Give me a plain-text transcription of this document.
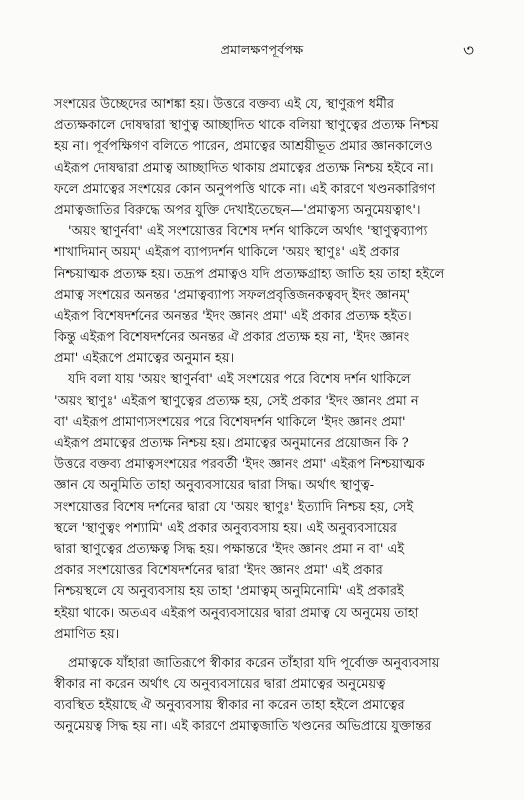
প্রমালক্ষণপূর্বপক্ষ	৩
সংশয়ের উচ্ছেদের আশঙ্কা হয়। উত্তরে বক্তব্য এই যে, স্থাণুরূপ ধর্মীর
প্রত্যক্ষকালে দোষদ্বারা স্থাণুত্ব আচ্ছাদিত থাকে বলিয়া স্থাণুত্বের প্রত্যক্ষ নিশ্চয়
হয় না। পূর্বপক্ষিগণ বলিতে পারেন, প্রমাত্বের আশ্রয়ীভূত প্রমার জ্ঞানকালেও
এইরূপ দোষদ্বারা প্রমাত্ব আচ্ছাদিত থাকায় প্রমাত্বের প্রত্যক্ষ নিশ্চয় হইবে না।
ফলে প্রমাত্বের সংশয়ের কোন অনুপপত্তি থাকে না। এই কারণে খণ্ডনকারিগণ
প্রমাত্বজাতির বিরুদ্ধে অপর যুক্তি দেখাইতেছেন—'প্রমাত্বস্য অনুমেয়ত্বাৎ'।
'অয়ং স্থাণুর্নবা' এই সংশয়োত্তর বিশেষ দর্শন থাকিলে অর্থাৎ 'স্থাণুত্বব্যাপ্য
শাখাদিমান্ অয়ম্' এইরূপ ব্যাপ্যদর্শন থাকিলে 'অয়ং স্থাণুঃ' এই প্রকার
নিশ্চয়াত্মক প্রত্যক্ষ হয়। তদ্রূপ প্রমাত্বও যদি প্রত্যক্ষগ্রাহ্য জাতি হয় তাহা হইলে
প্রমাত্ব সংশয়ের অনন্তর 'প্রমাত্বব্যাপ্য সফলপ্রবৃত্তিজনকত্ববদ্ ইদং জ্ঞানম্'
এইরূপ বিশেষদর্শনের অনন্তর 'ইদং জ্ঞানং প্রমা' এই প্রকার প্রত্যক্ষ হইত।
কিন্তু এইরূপ বিশেষদর্শনের অনন্তর ঐ প্রকার প্রত্যক্ষ হয় না, 'ইদং জ্ঞানং
প্রমা' এইরূপে প্রমাত্বের অনুমান হয়।
যদি বলা যায় 'অয়ং স্থাণুর্নবা' এই সংশয়ের পরে বিশেষ দর্শন থাকিলে
'অয়ং স্থাণুঃ' এইরূপ স্থাণুত্বের প্রত্যক্ষ হয়, সেই প্রকার 'ইদং জ্ঞানং প্রমা ন
বা' এইরূপ প্রামাণ্যসংশয়ের পরে বিশেষদর্শন থাকিলে 'ইদং জ্ঞানং প্রমা'
এইরূপ প্রমাত্বের প্রত্যক্ষ নিশ্চয় হয়। প্রমাত্বের অনুমানের প্রয়োজন কি ?
উত্তরে বক্তব্য প্রমাত্বসংশয়ের পরবর্তী 'ইদং জ্ঞানং প্রমা' এইরূপ নিশ্চয়াত্মক
জ্ঞান যে অনুমিতি তাহা অনুব্যবসায়ের দ্বারা সিদ্ধ। অর্থাৎ স্থাণুত্ব-
সংশয়োত্তর বিশেষ দর্শনের দ্বারা যে 'অয়ং স্থাণুঃ' ইত্যাদি নিশ্চয় হয়, সেই
স্থলে 'স্থাণুত্বং পশ্যামি' এই প্রকার অনুব্যবসায় হয়। এই অনুব্যবসায়ের
দ্বারা স্থাণুত্বের প্রত্যক্ষত্ব সিদ্ধ হয়। পক্ষান্তরে 'ইদং জ্ঞানং প্রমা ন বা' এই
প্রকার সংশয়োত্তর বিশেষদর্শনের দ্বারা 'ইদং জ্ঞানং প্রমা' এই প্রকার
নিশ্চয়স্থলে যে অনুব্যবসায় হয় তাহা 'প্রমাত্বম্ অনুমিনোমি' এই প্রকারই
হইয়া থাকে। অতএব এইরূপ অনুব্যবসায়ের দ্বারা প্রমাত্ব যে অনুমেয় তাহা
প্রমাণিত হয়।
প্রমাত্বকে যাঁহারা জাতিরূপে স্বীকার করেন তাঁহারা যদি পূর্বোক্ত অনুব্যবসায়
স্বীকার না করেন অর্থাৎ যে অনুব্যবসায়ের দ্বারা প্রমাত্বের অনুমেয়ত্ব
ব্যবস্থিত হইয়াছে ঐ অনুব্যবসায় স্বীকার না করেন তাহা হইলে প্রমাত্বের
অনুমেয়ত্ব সিদ্ধ হয় না। এই কারণে প্রমাত্বজাতি খণ্ডনের অভিপ্রায়ে যুক্তান্তর
